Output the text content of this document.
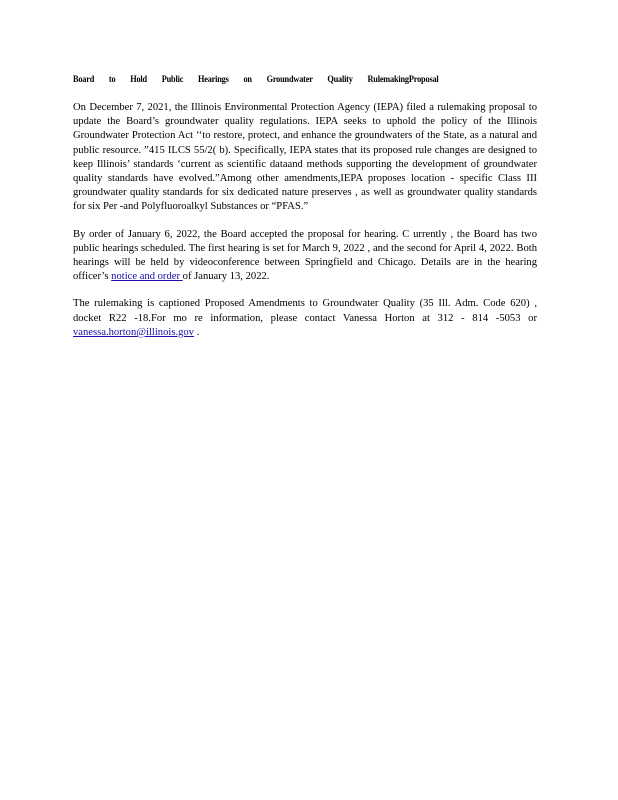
Board to Hold Public Hearings on Groundwater Quality RulemakingProposal

On December 7, 2021, the Illinois Environmental Protection Agency (IEPA) filed a rulemaking proposal to update the Board’s groundwater quality regulations. IEPA seeks to uphold the policy of the Illinois Groundwater Protection Act ‘‘to restore, protect, and enhance the groundwaters of the State, as a natural and public resource. ”415 ILCS 55/2( b). Specifically, IEPA states that its proposed rule changes are designed to keep Illinois’ standards ‘current as scientific dataand methods supporting the development of groundwater quality standards have evolved.”Among other amendments,IEPA proposes location - specific Class III groundwater quality standards for six dedicated nature preserves , as well as groundwater quality standards for six Per -and Polyfluoroalkyl Substances or “PFAS.”

By order of January 6, 2022, the Board accepted the proposal for hearing. C urrently , the Board has two public hearings scheduled. The first hearing is set for March 9, 2022 , and the second for April 4, 2022. Both hearings will be held by videoconference between Springfield and Chicago. Details are in the hearing officer’s notice and order of January 13, 2022.

The rulemaking is captioned Proposed Amendments to Groundwater Quality (35 Ill. Adm. Code 620) , docket R22 -18.For mo re information, please contact Vanessa Horton at 312 - 814 -5053 or vanessa.horton@illinois.gov .
